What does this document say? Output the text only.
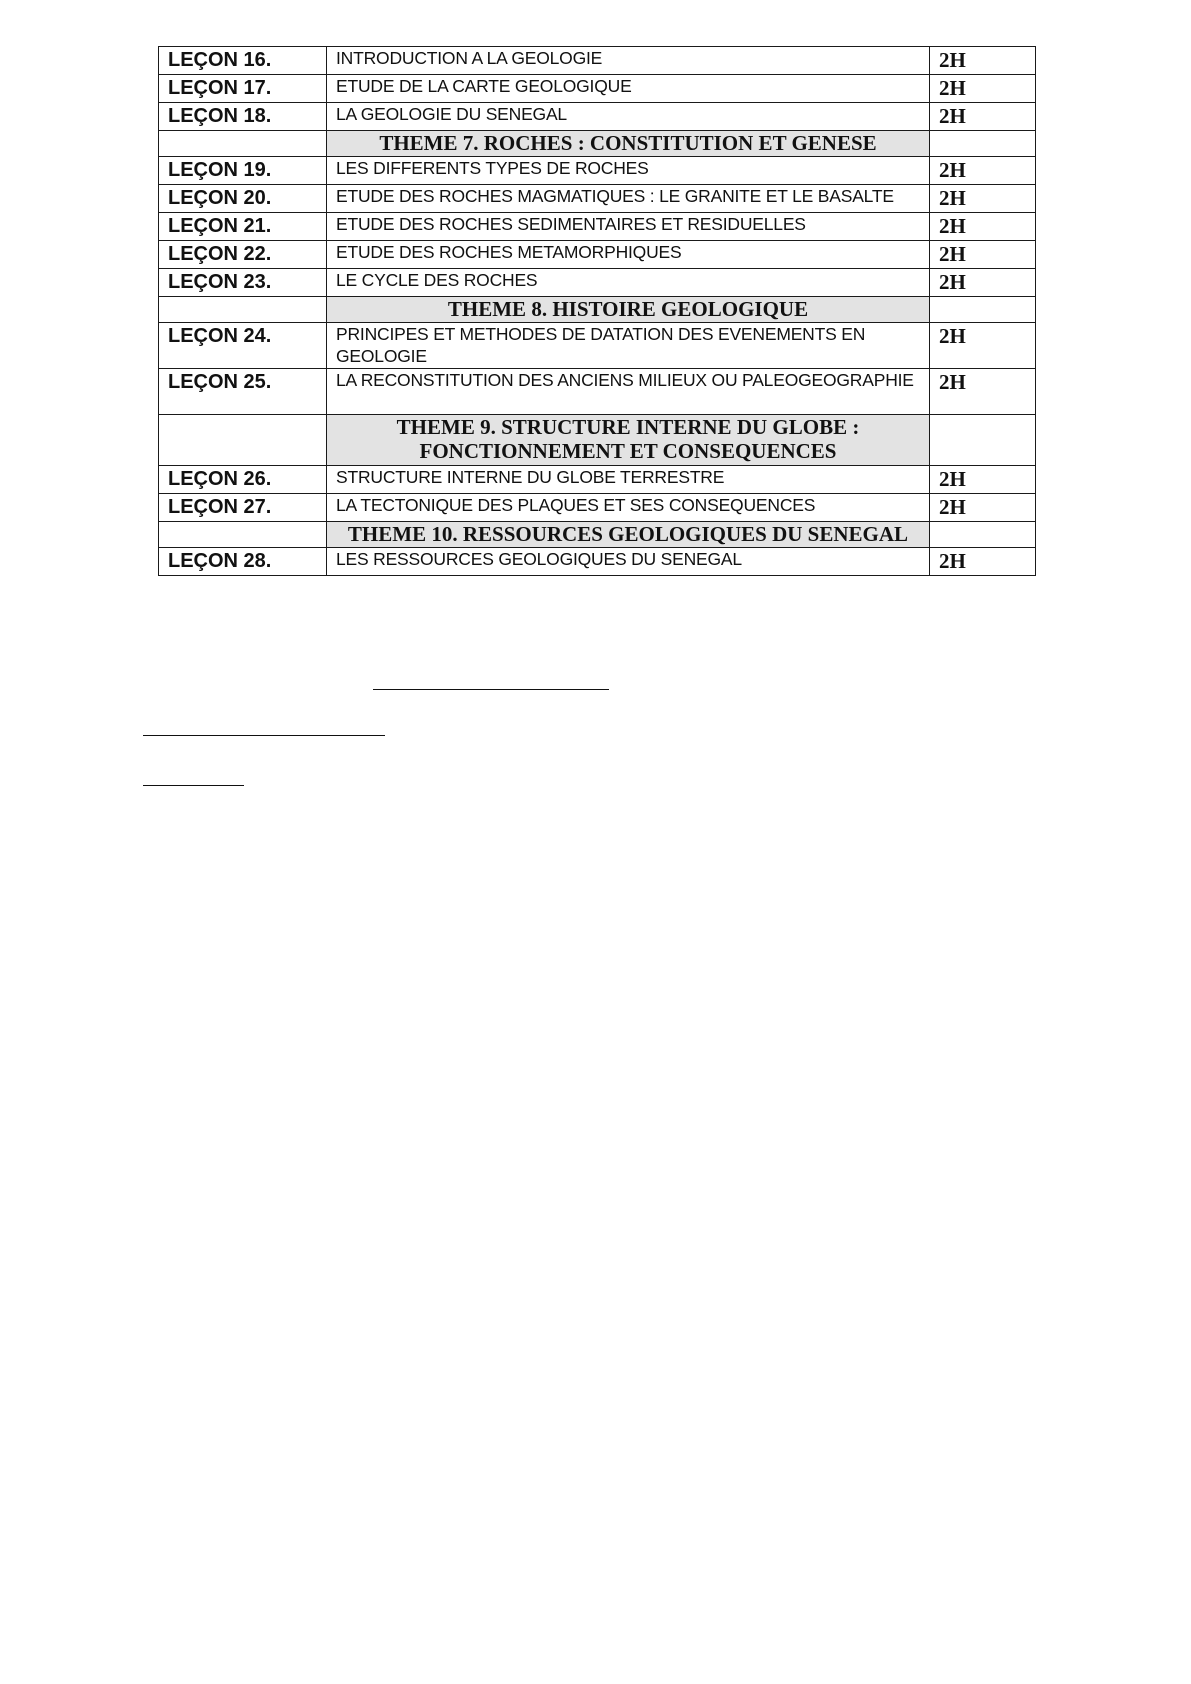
LEÇON 16.	INTRODUCTION A LA GEOLOGIE	2H
LEÇON 17.	ETUDE DE LA CARTE GEOLOGIQUE	2H
LEÇON 18.	LA GEOLOGIE DU SENEGAL	2H
	THEME 7. ROCHES : CONSTITUTION ET GENESE	
LEÇON 19.	LES DIFFERENTS TYPES DE ROCHES	2H
LEÇON 20.	ETUDE DES ROCHES MAGMATIQUES : LE GRANITE ET LE BASALTE	2H
LEÇON 21.	ETUDE DES ROCHES SEDIMENTAIRES ET RESIDUELLES	2H
LEÇON 22.	ETUDE DES ROCHES METAMORPHIQUES	2H
LEÇON 23.	LE CYCLE DES ROCHES	2H
	THEME 8. HISTOIRE GEOLOGIQUE	
LEÇON 24.	PRINCIPES ET METHODES DE DATATION DES EVENEMENTS EN GEOLOGIE	2H
LEÇON 25.	LA RECONSTITUTION DES ANCIENS MILIEUX OU PALEOGEOGRAPHIE	2H
	THEME 9. STRUCTURE INTERNE DU GLOBE : FONCTIONNEMENT ET CONSEQUENCES	
LEÇON 26.	STRUCTURE INTERNE DU GLOBE TERRESTRE	2H
LEÇON 27.	LA TECTONIQUE DES PLAQUES ET SES CONSEQUENCES	2H
	THEME 10. RESSOURCES GEOLOGIQUES DU SENEGAL	
LEÇON 28.	LES RESSOURCES GEOLOGIQUES DU SENEGAL	2H
